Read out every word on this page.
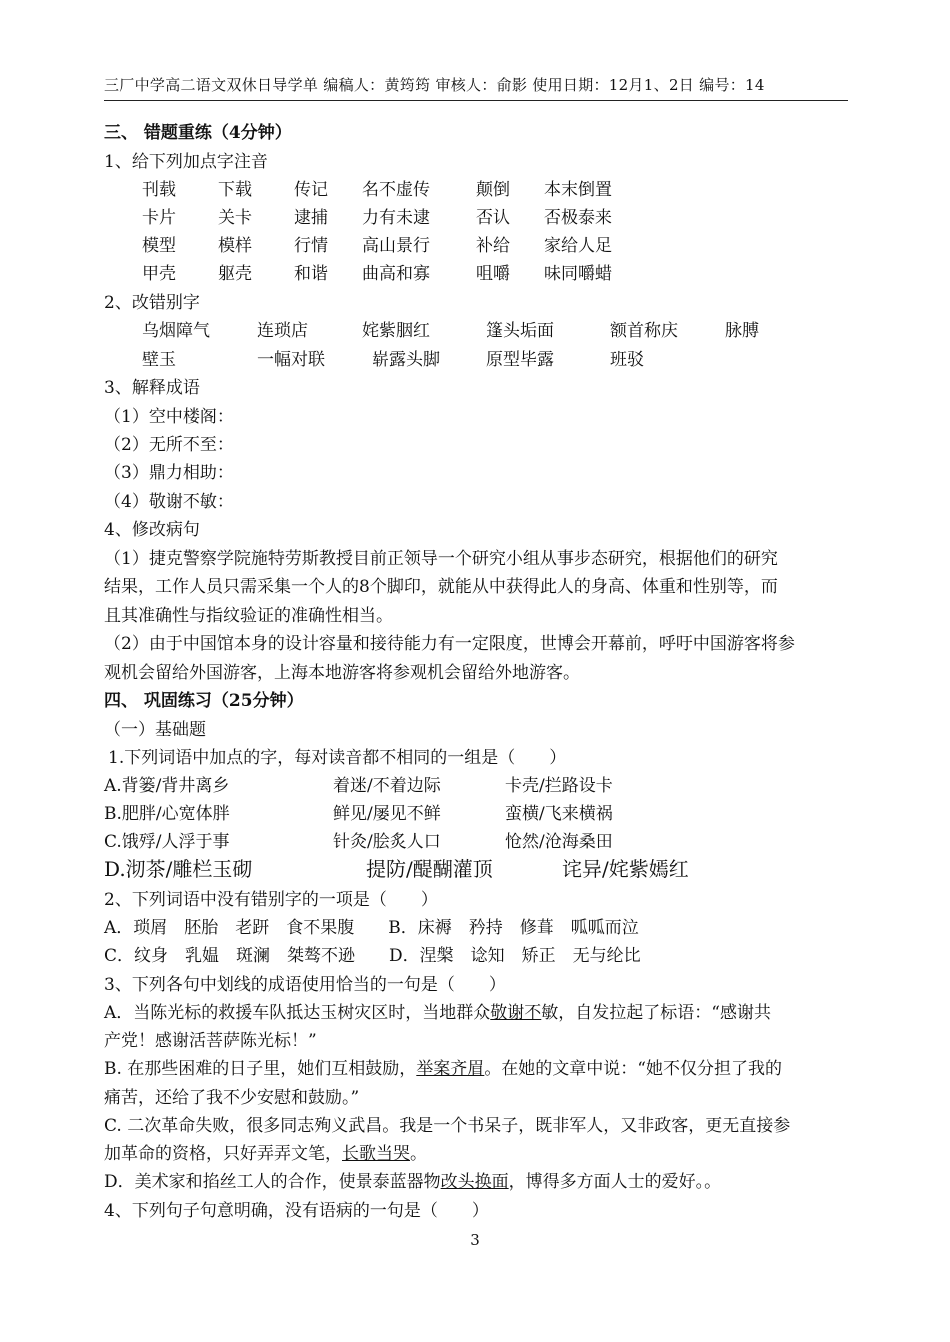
三厂中学高二语文双休日导学单 编稿人：黄筠筠 审核人：俞影 使用日期：12月1、2日 编号：14
三、 错题重练（4分钟）
1、给下列加点字注音
刊载 下载 传记 名不虚传	颠倒 本末倒置
卡片 关卡 逮捕 力有未逮	否认 否极泰来
模型 模样 行情 高山景行	补给 家给人足
甲壳 躯壳 和谐 曲高和寡	咀嚼 味同嚼蜡
2、改错别字
乌烟障气	连琐店	姹紫胭红	篷头垢面	额首称庆	脉膊
壁玉	一幅对联	崭露头脚	原型毕露	班驳
3、解释成语
（1）空中楼阁：
（2）无所不至：
（3）鼎力相助：
（4）敬谢不敏：
4、修改病句
（1）捷克警察学院施特劳斯教授目前正领导一个研究小组从事步态研究，根据他们的研究
结果，工作人员只需采集一个人的8个脚印，就能从中获得此人的身高、体重和性别等，而
且其准确性与指纹验证的准确性相当。
（2）由于中国馆本身的设计容量和接待能力有一定限度，世博会开幕前，呼吁中国游客将参
观机会留给外国游客，上海本地游客将参观机会留给外地游客。
四、 巩固练习（25分钟）
（一）基础题
1.下列词语中加点的字，每对读音都不相同的一组是（　　）
A.背篓/背井离乡	着迷/不着边际	卡壳/拦路设卡
B.肥胖/心宽体胖	鲜见/屡见不鲜	蛮横/飞来横祸
C.饿殍/人浮于事	针灸/脍炙人口	怆然/沧海桑田
D.沏茶/雕栏玉砌	提防/醍醐灌顶	诧异/姹紫嫣红
2、下列词语中没有错别字的一项是（　　）
A．琐屑　胚胎　老趼　食不果腹　　B．床褥　矜持　修葺　呱呱而泣
C．纹身　乳媪　斑澜　桀骜不逊　　D．涅槃　谂知　矫正　无与纶比
3、下列各句中划线的成语使用恰当的一句是（　　）
A．当陈光标的救援车队抵达玉树灾区时，当地群众敬谢不敏，自发拉起了标语：“感谢共
产党！感谢活菩萨陈光标！”
B. 在那些困难的日子里，她们互相鼓励，举案齐眉。在她的文章中说：“她不仅分担了我的
痛苦，还给了我不少安慰和鼓励。”
C. 二次革命失败，很多同志殉义武昌。我是一个书呆子，既非军人，又非政客，更无直接参
加革命的资格，只好弄弄文笔，长歌当哭。
D．美术家和掐丝工人的合作，使景泰蓝器物改头换面，博得多方面人士的爱好。。
4、下列句子句意明确，没有语病的一句是（　　）
3
